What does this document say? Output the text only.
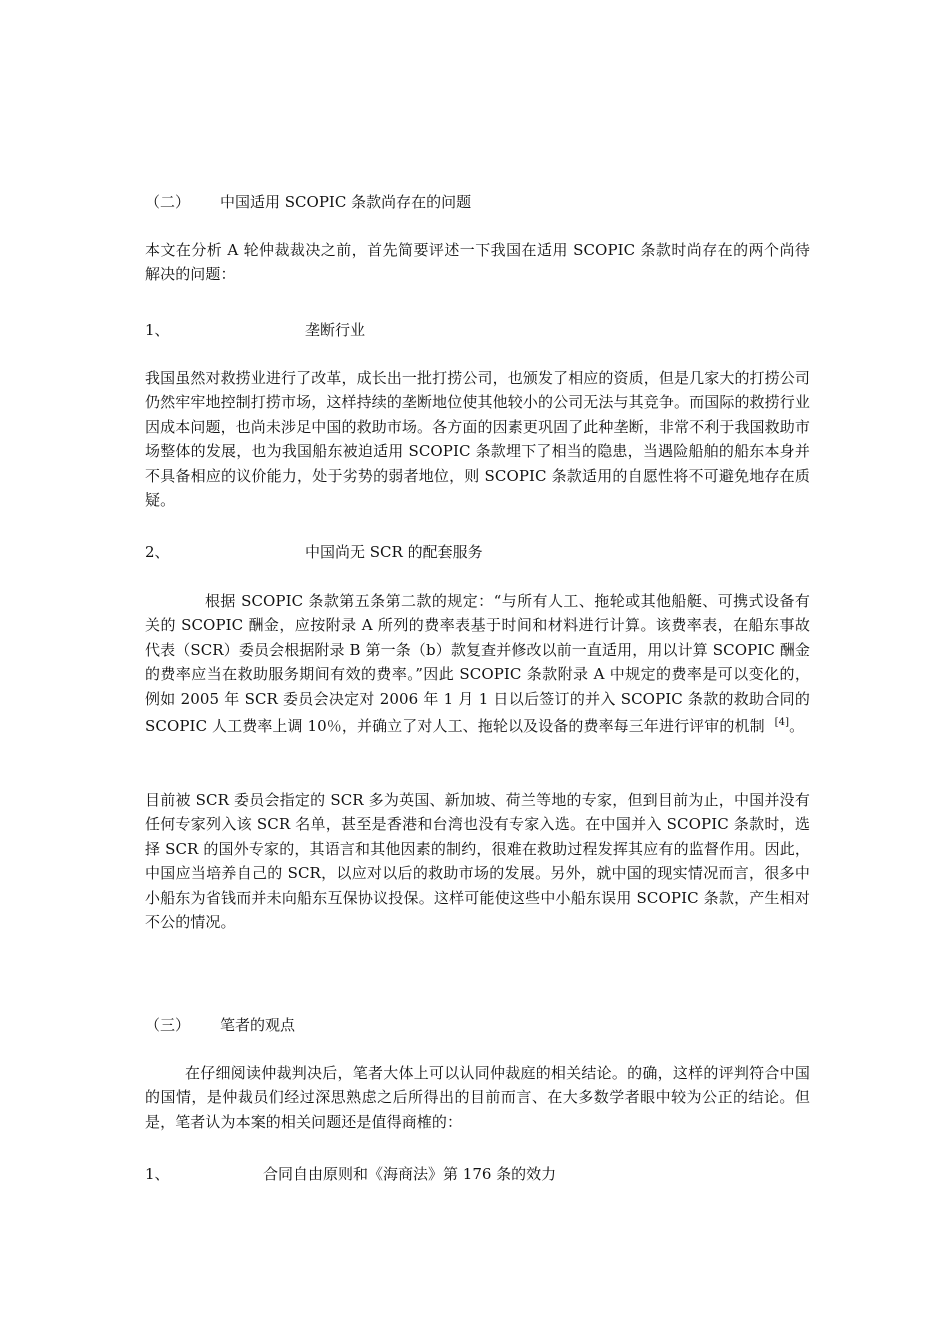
（二） 中国适用 SCOPIC 条款尚存在的问题

本文在分析 A 轮仲裁裁决之前，首先简要评述一下我国在适用 SCOPIC 条款时尚存在的两个尚待解决的问题：

1、	垄断行业

我国虽然对救捞业进行了改革，成长出一批打捞公司，也颁发了相应的资质，但是几家大的打捞公司仍然牢牢地控制打捞市场，这样持续的垄断地位使其他较小的公司无法与其竞争。而国际的救捞行业因成本问题，也尚未涉足中国的救助市场。各方面的因素更巩固了此种垄断，非常不利于我国救助市场整体的发展，也为我国船东被迫适用 SCOPIC 条款埋下了相当的隐患，当遇险船舶的船东本身并不具备相应的议价能力，处于劣势的弱者地位，则 SCOPIC 条款适用的自愿性将不可避免地存在质疑。

2、	中国尚无 SCR 的配套服务

根据 SCOPIC 条款第五条第二款的规定：“与所有人工、拖轮或其他船艇、可携式设备有关的 SCOPIC 酬金，应按附录 A 所列的费率表基于时间和材料进行计算。该费率表，在船东事故代表（SCR）委员会根据附录 B 第一条（b）款复查并修改以前一直适用，用以计算 SCOPIC 酬金的费率应当在救助服务期间有效的费率。”因此 SCOPIC 条款附录 A 中规定的费率是可以变化的，例如 2005 年 SCR 委员会决定对 2006 年 1 月 1 日以后签订的并入 SCOPIC 条款的救助合同的 SCOPIC 人工费率上调 10％，并确立了对人工、拖轮以及设备的费率每三年进行评审的机制 [4]。

目前被 SCR 委员会指定的 SCR 多为英国、新加坡、荷兰等地的专家，但到目前为止，中国并没有任何专家列入该 SCR 名单，甚至是香港和台湾也没有专家入选。在中国并入 SCOPIC 条款时，选择 SCR 的国外专家的，其语言和其他因素的制约，很难在救助过程发挥其应有的监督作用。因此，中国应当培养自己的 SCR，以应对以后的救助市场的发展。另外，就中国的现实情况而言，很多中小船东为省钱而并未向船东互保协议投保。这样可能使这些中小船东误用 SCOPIC 条款，产生相对不公的情况。

（三） 笔者的观点

在仔细阅读仲裁判决后，笔者大体上可以认同仲裁庭的相关结论。的确，这样的评判符合中国的国情，是仲裁员们经过深思熟虑之后所得出的目前而言、在大多数学者眼中较为公正的结论。但是，笔者认为本案的相关问题还是值得商榷的：

1、	合同自由原则和《海商法》第 176 条的效力
